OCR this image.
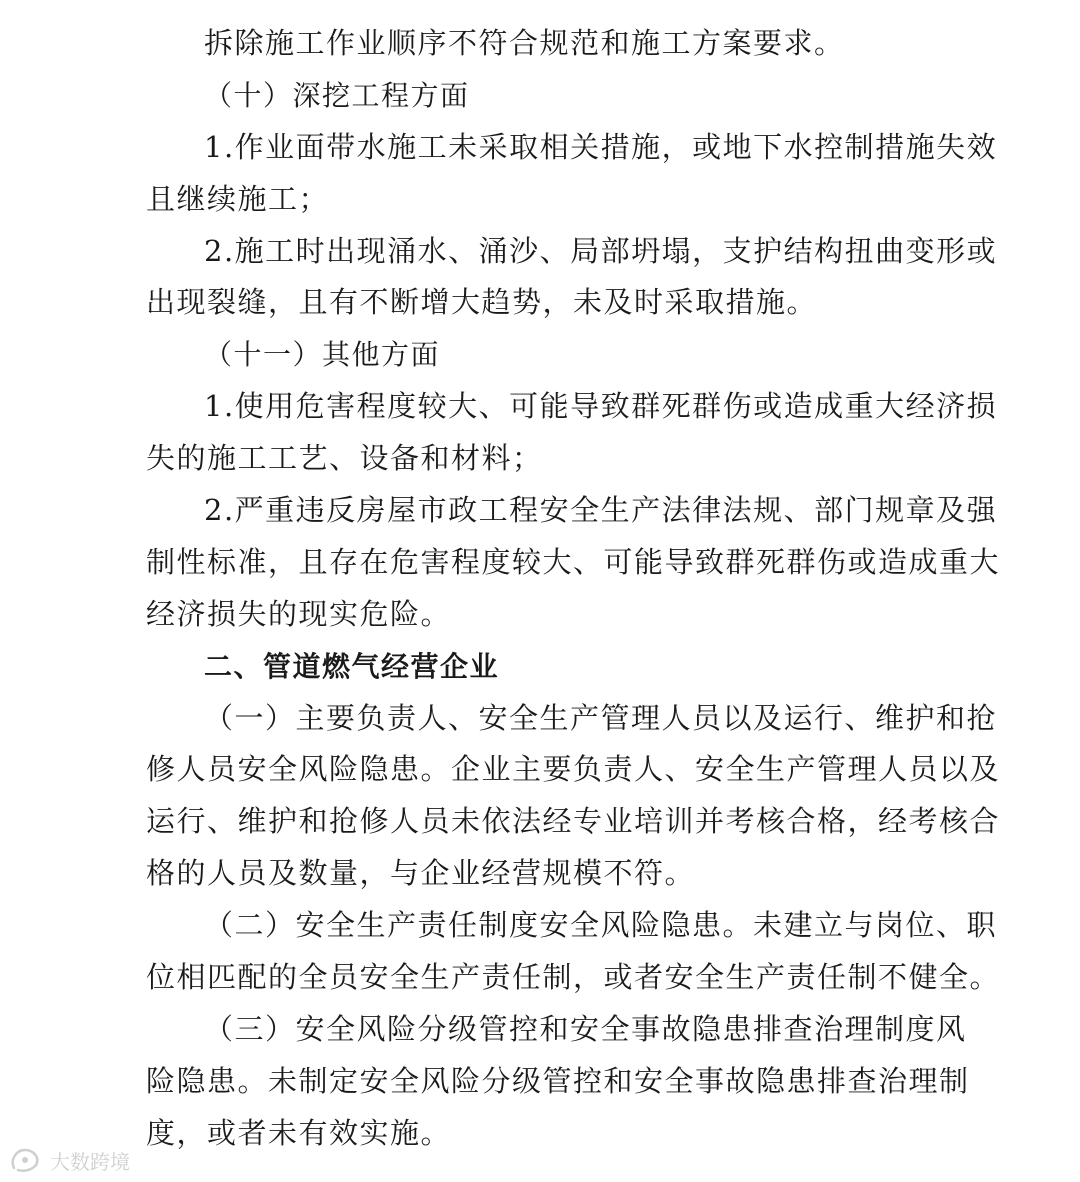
拆除施工作业顺序不符合规范和施工方案要求。
（十）深挖工程方面
1.作业面带水施工未采取相关措施，或地下水控制措施失效
且继续施工；
2.施工时出现涌水、涌沙、局部坍塌，支护结构扭曲变形或
出现裂缝，且有不断增大趋势，未及时采取措施。
（十一）其他方面
1.使用危害程度较大、可能导致群死群伤或造成重大经济损
失的施工工艺、设备和材料；
2.严重违反房屋市政工程安全生产法律法规、部门规章及强
制性标准，且存在危害程度较大、可能导致群死群伤或造成重大
经济损失的现实危险。
二、管道燃气经营企业
（一）主要负责人、安全生产管理人员以及运行、维护和抢
修人员安全风险隐患。企业主要负责人、安全生产管理人员以及
运行、维护和抢修人员未依法经专业培训并考核合格，经考核合
格的人员及数量，与企业经营规模不符。
（二）安全生产责任制度安全风险隐患。未建立与岗位、职
位相匹配的全员安全生产责任制，或者安全生产责任制不健全。
（三）安全风险分级管控和安全事故隐患排查治理制度风
险隐患。未制定安全风险分级管控和安全事故隐患排查治理制
度，或者未有效实施。
大数跨境
